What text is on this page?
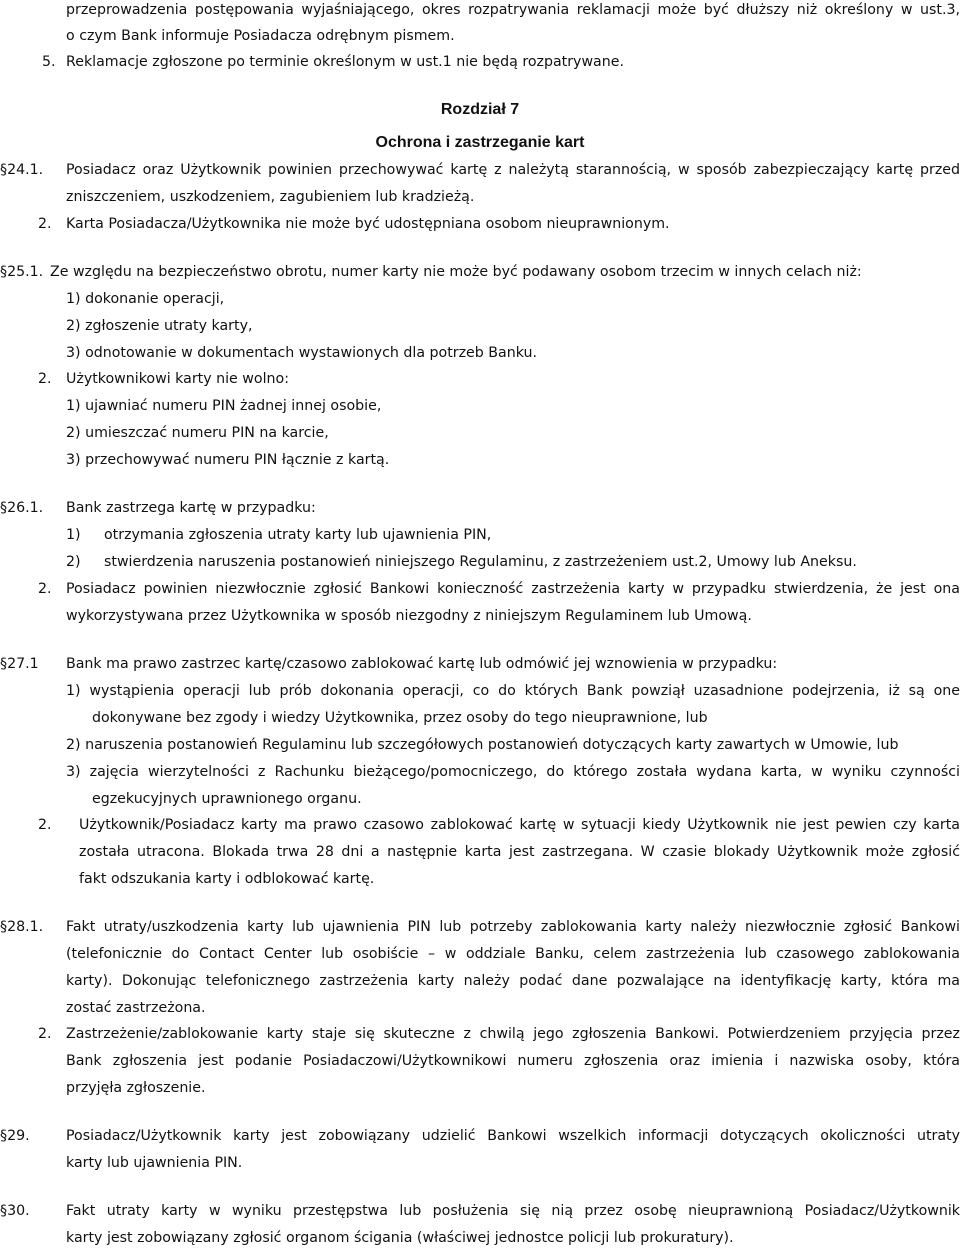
przeprowadzenia postępowania wyjaśniającego, okres rozpatrywania reklamacji może być dłuższy niż określony w ust.3,
o czym Bank informuje Posiadacza odrębnym pismem.
5. Reklamacje zgłoszone po terminie określonym w ust.1 nie będą rozpatrywane.
Rozdział 7
Ochrona i zastrzeganie kart
§24.1. Posiadacz oraz Użytkownik powinien przechowywać kartę z należytą starannością, w sposób zabezpieczający kartę przed
zniszczeniem, uszkodzeniem, zagubieniem lub kradzieżą.
2. Karta Posiadacza/Użytkownika nie może być udostępniana osobom nieuprawnionym.
§25.1. Ze względu na bezpieczeństwo obrotu, numer karty nie może być podawany osobom trzecim w innych celach niż:
1) dokonanie operacji,
2) zgłoszenie utraty karty,
3) odnotowanie w dokumentach wystawionych dla potrzeb Banku.
2. Użytkownikowi karty nie wolno:
1) ujawniać numeru PIN żadnej innej osobie,
2) umieszczać numeru PIN na karcie,
3) przechowywać numeru PIN łącznie z kartą.
§26.1. Bank zastrzega kartę w przypadku:
1) otrzymania zgłoszenia utraty karty lub ujawnienia PIN,
2) stwierdzenia naruszenia postanowień niniejszego Regulaminu, z zastrzeżeniem ust.2, Umowy lub Aneksu.
2. Posiadacz powinien niezwłocznie zgłosić Bankowi konieczność zastrzeżenia karty w przypadku stwierdzenia, że jest ona
wykorzystywana przez Użytkownika w sposób niezgodny z niniejszym Regulaminem lub Umową.
§27.1 Bank ma prawo zastrzec kartę/czasowo zablokować kartę lub odmówić jej wznowienia w przypadku:
1) wystąpienia operacji lub prób dokonania operacji, co do których Bank powziął uzasadnione podejrzenia, iż są one
dokonywane bez zgody i wiedzy Użytkownika, przez osoby do tego nieuprawnione, lub
2) naruszenia postanowień Regulaminu lub szczegółowych postanowień dotyczących karty zawartych w Umowie, lub
3) zajęcia wierzytelności z Rachunku bieżącego/pomocniczego, do którego została wydana karta, w wyniku czynności
egzekucyjnych uprawnionego organu.
2. Użytkownik/Posiadacz karty ma prawo czasowo zablokować kartę w sytuacji kiedy Użytkownik nie jest pewien czy karta
została utracona. Blokada trwa 28 dni a następnie karta jest zastrzegana. W czasie blokady Użytkownik może zgłosić
fakt odszukania karty i odblokować kartę.
§28.1. Fakt utraty/uszkodzenia karty lub ujawnienia PIN lub potrzeby zablokowania karty należy niezwłocznie zgłosić Bankowi
(telefonicznie do Contact Center lub osobiście – w oddziale Banku, celem zastrzeżenia lub czasowego zablokowania
karty). Dokonując telefonicznego zastrzeżenia karty należy podać dane pozwalające na identyfikację karty, która ma
zostać zastrzeżona.
2. Zastrzeżenie/zablokowanie karty staje się skuteczne z chwilą jego zgłoszenia Bankowi. Potwierdzeniem przyjęcia przez
Bank zgłoszenia jest podanie Posiadaczowi/Użytkownikowi numeru zgłoszenia oraz imienia i nazwiska osoby, która
przyjęła zgłoszenie.
§29.	Posiadacz/Użytkownik karty jest zobowiązany udzielić Bankowi wszelkich informacji dotyczących okoliczności utraty
karty lub ujawnienia PIN.
§30.	Fakt utraty karty w wyniku przestępstwa lub posłużenia się nią przez osobę nieuprawnioną Posiadacz/Użytkownik
karty jest zobowiązany zgłosić organom ścigania (właściwej jednostce policji lub prokuratury).
